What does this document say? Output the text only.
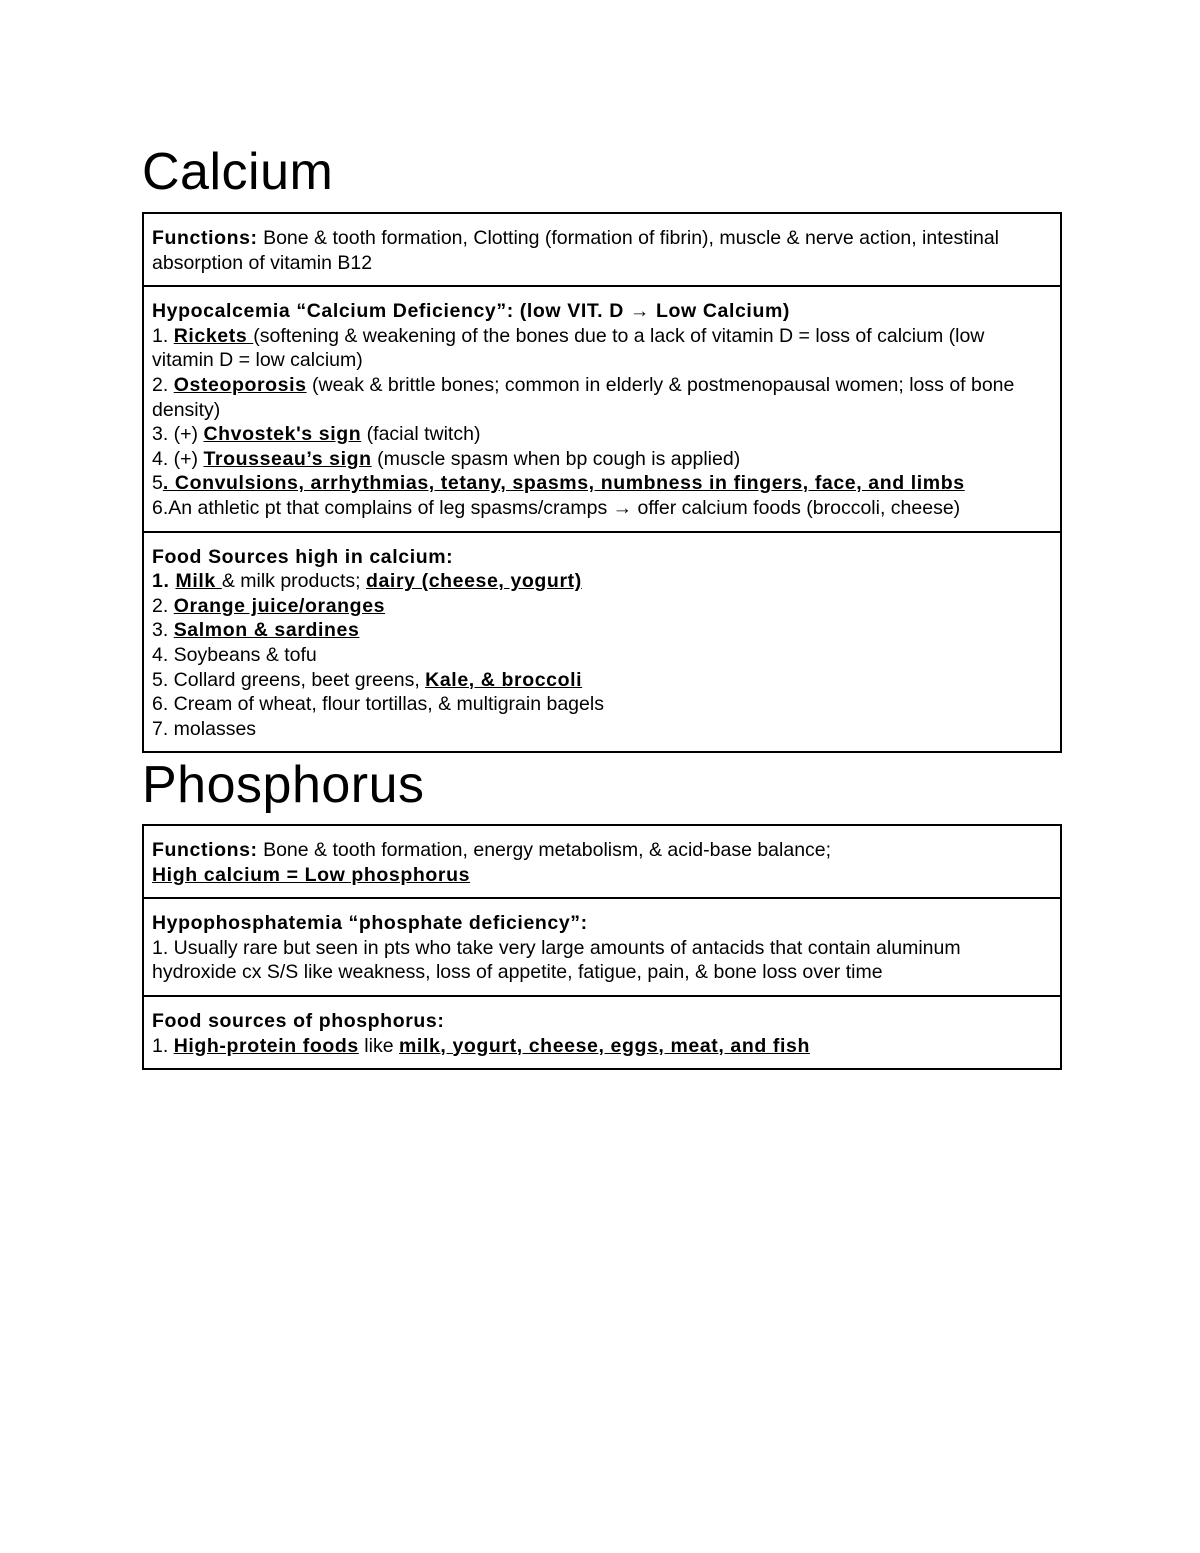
Calcium
Functions: Bone & tooth formation, Clotting (formation of fibrin), muscle & nerve action, intestinal absorption of vitamin B12
Hypocalcemia “Calcium Deficiency”: (low VIT. D → Low Calcium)
1. Rickets (softening & weakening of the bones due to a lack of vitamin D = loss of calcium (low vitamin D = low calcium)
2. Osteoporosis (weak & brittle bones; common in elderly & postmenopausal women; loss of bone density)
3. (+) Chvostek's sign (facial twitch)
4. (+) Trousseau’s sign (muscle spasm when bp cough is applied)
5. Convulsions, arrhythmias, tetany, spasms, numbness in fingers, face, and limbs
6.An athletic pt that complains of leg spasms/cramps → offer calcium foods (broccoli, cheese)
Food Sources high in calcium:
1. Milk & milk products; dairy (cheese, yogurt)
2. Orange juice/oranges
3. Salmon & sardines
4. Soybeans & tofu
5. Collard greens, beet greens, Kale, & broccoli
6. Cream of wheat, flour tortillas, & multigrain bagels
7. molasses
Phosphorus
Functions: Bone & tooth formation, energy metabolism, & acid-base balance;
High calcium = Low phosphorus
Hypophosphatemia “phosphate deficiency”:
1. Usually rare but seen in pts who take very large amounts of antacids that contain aluminum hydroxide cx S/S like weakness, loss of appetite, fatigue, pain, & bone loss over time
Food sources of phosphorus:
1. High-protein foods like milk, yogurt, cheese, eggs, meat, and fish
